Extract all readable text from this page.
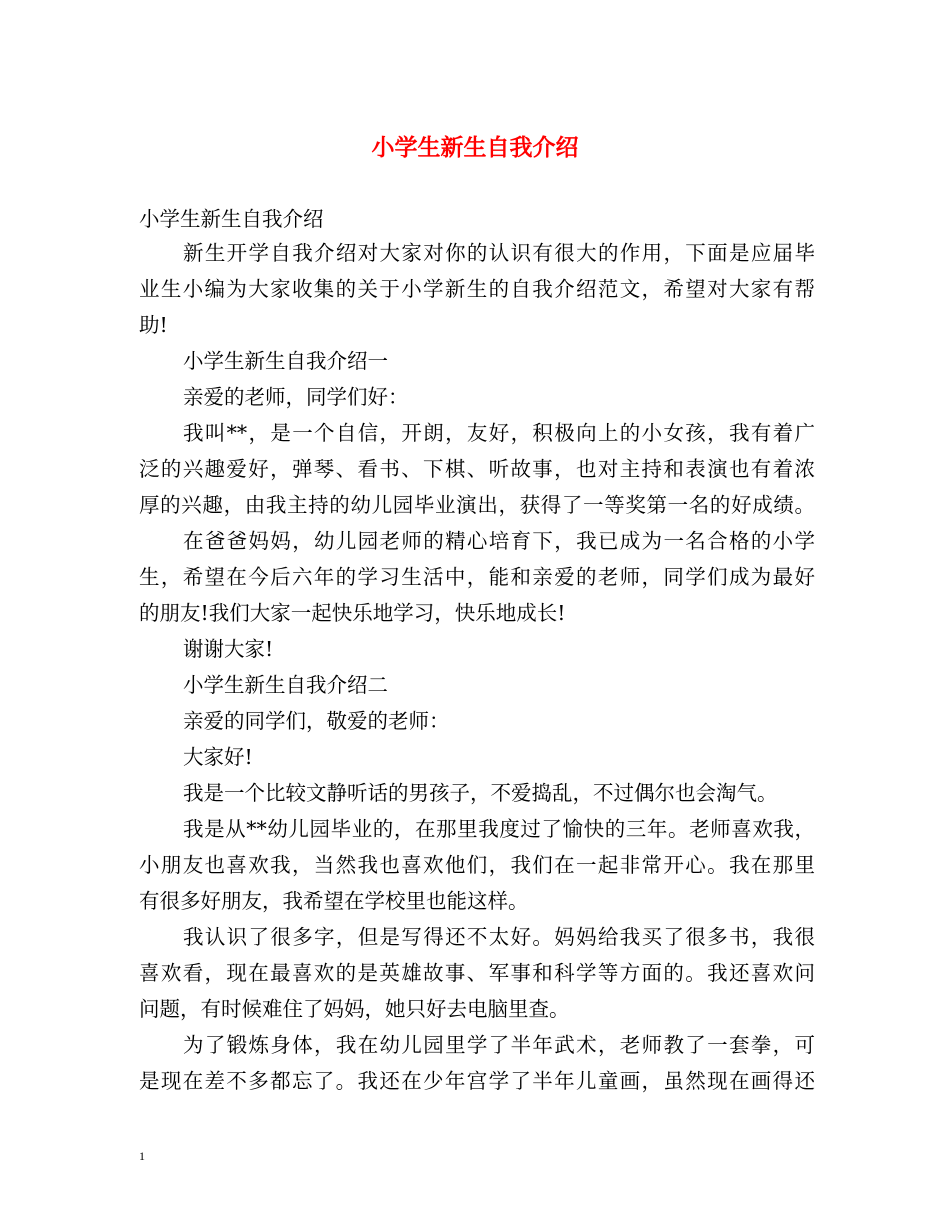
小学生新生自我介绍
小学生新生自我介绍
新生开学自我介绍对大家对你的认识有很大的作用，下面是应届毕
业生小编为大家收集的关于小学新生的自我介绍范文，希望对大家有帮
助!
小学生新生自我介绍一
亲爱的老师，同学们好：
我叫**，是一个自信，开朗，友好，积极向上的小女孩，我有着广
泛的兴趣爱好，弹琴、看书、下棋、听故事，也对主持和表演也有着浓
厚的兴趣，由我主持的幼儿园毕业演出，获得了一等奖第一名的好成绩。
在爸爸妈妈，幼儿园老师的精心培育下，我已成为一名合格的小学
生，希望在今后六年的学习生活中，能和亲爱的老师，同学们成为最好
的朋友!我们大家一起快乐地学习，快乐地成长!
谢谢大家!
小学生新生自我介绍二
亲爱的同学们，敬爱的老师：
大家好!
我是一个比较文静听话的男孩子，不爱捣乱，不过偶尔也会淘气。
我是从**幼儿园毕业的，在那里我度过了愉快的三年。老师喜欢我，
小朋友也喜欢我，当然我也喜欢他们，我们在一起非常开心。我在那里
有很多好朋友，我希望在学校里也能这样。
我认识了很多字，但是写得还不太好。妈妈给我买了很多书，我很
喜欢看，现在最喜欢的是英雄故事、军事和科学等方面的。我还喜欢问
问题，有时候难住了妈妈，她只好去电脑里查。
为了锻炼身体，我在幼儿园里学了半年武术，老师教了一套拳，可
是现在差不多都忘了。我还在少年宫学了半年儿童画，虽然现在画得还
1
